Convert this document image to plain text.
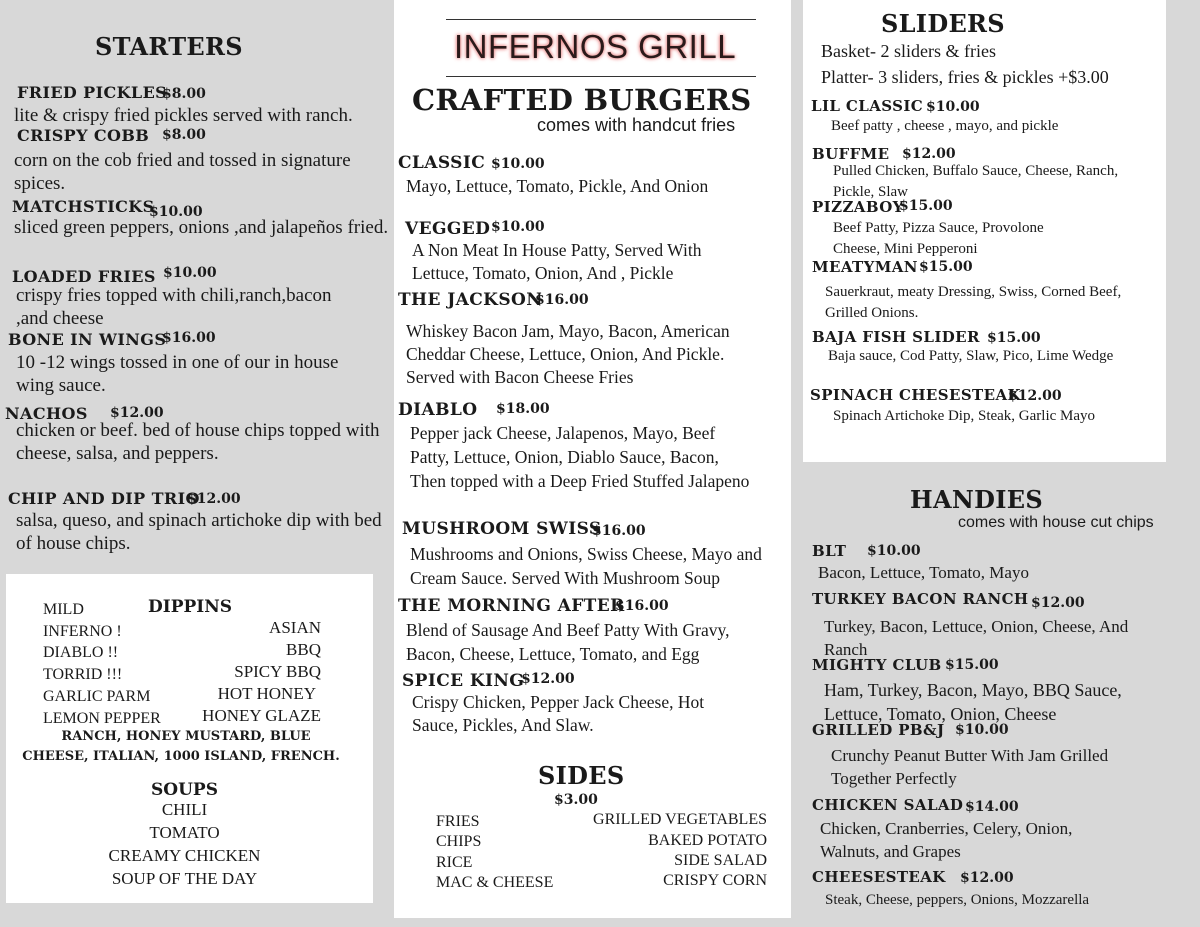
STARTERS
FRIED PICKLES
$8.00
lite & crispy fried pickles served with ranch.
CRISPY COBB $8.00
corn on the cob fried and tossed in signature spices.
MATCHSTICKS
$10.00
sliced green peppers, onions ,and jalapeños fried.
LOADED FRIES $10.00
crispy fries topped with chili,ranch,bacon ,and cheese
BONE IN WINGS
$16.00
10 -12 wings tossed in one of our in house wing sauce.
NACHOS $12.00
chicken or beef. bed of house chips topped with cheese, salsa, and peppers.
CHIP AND DIP TRIO
$12.00
salsa, queso, and spinach artichoke dip with bed of house chips.
DIPPINS
MILD
INFERNO !
DIABLO !!
TORRID !!!
GARLIC PARM
LEMON PEPPER
ASIAN
BBQ
SPICY BBQ
HOT HONEY
HONEY GLAZE
RANCH, HONEY MUSTARD, BLUE
CHEESE, ITALIAN, 1000 ISLAND, FRENCH.
SOUPS
CHILI
TOMATO
CREAMY CHICKEN
SOUP OF THE DAY
INFERNOS GRILL
CRAFTED BURGERS
comes with handcut fries
CLASSIC $10.00
Mayo, Lettuce, Tomato, Pickle, And Onion
VEGGED $10.00
A Non Meat In House Patty, Served With Lettuce, Tomato, Onion, And , Pickle
THE JACKSON
$16.00
Whiskey Bacon Jam, Mayo, Bacon, American Cheddar Cheese, Lettuce, Onion, And Pickle. Served with Bacon Cheese Fries
DIABLO $18.00
Pepper jack Cheese, Jalapenos, Mayo, Beef Patty, Lettuce, Onion, Diablo Sauce, Bacon, Then topped with a Deep Fried Stuffed Jalapeno
MUSHROOM SWISS
$16.00
Mushrooms and Onions, Swiss Cheese, Mayo and Cream Sauce. Served With Mushroom Soup
THE MORNING AFTER
$16.00
Blend of Sausage And Beef Patty With Gravy, Bacon, Cheese, Lettuce, Tomato, and Egg
SPICE KING
$12.00
Crispy Chicken, Pepper Jack Cheese, Hot Sauce, Pickles, And Slaw.
SIDES
$3.00
FRIES
CHIPS
RICE
MAC & CHEESE
GRILLED VEGETABLES
BAKED POTATO
SIDE SALAD
CRISPY CORN
SLIDERS
Basket- 2 sliders & fries
Platter- 3 sliders, fries & pickles +$3.00
LIL CLASSIC $10.00
Beef patty , cheese , mayo, and pickle
BUFFME $12.00
Pulled Chicken, Buffalo Sauce, Cheese, Ranch, Pickle, Slaw
PIZZABOY
$15.00
Beef Patty, Pizza Sauce, Provolone Cheese, Mini Pepperoni
MEATYMAN $15.00
Sauerkraut, meaty Dressing, Swiss, Corned Beef, Grilled Onions.
BAJA FISH SLIDER $15.00
Baja sauce, Cod Patty, Slaw, Pico, Lime Wedge
SPINACH CHESESTEAK
$12.00
Spinach Artichoke Dip, Steak, Garlic Mayo
HANDIES
comes with house cut chips
BLT $10.00
Bacon, Lettuce, Tomato, Mayo
TURKEY BACON RANCH $12.00
Turkey, Bacon, Lettuce, Onion, Cheese, And Ranch
MIGHTY CLUB $15.00
Ham, Turkey, Bacon, Mayo, BBQ Sauce, Lettuce, Tomato, Onion, Cheese
GRILLED PB&J $10.00
Crunchy Peanut Butter With Jam Grilled Together Perfectly
CHICKEN SALAD $14.00
Chicken, Cranberries, Celery, Onion, Walnuts, and Grapes
CHEESESTEAK $12.00
Steak, Cheese, peppers, Onions, Mozzarella
